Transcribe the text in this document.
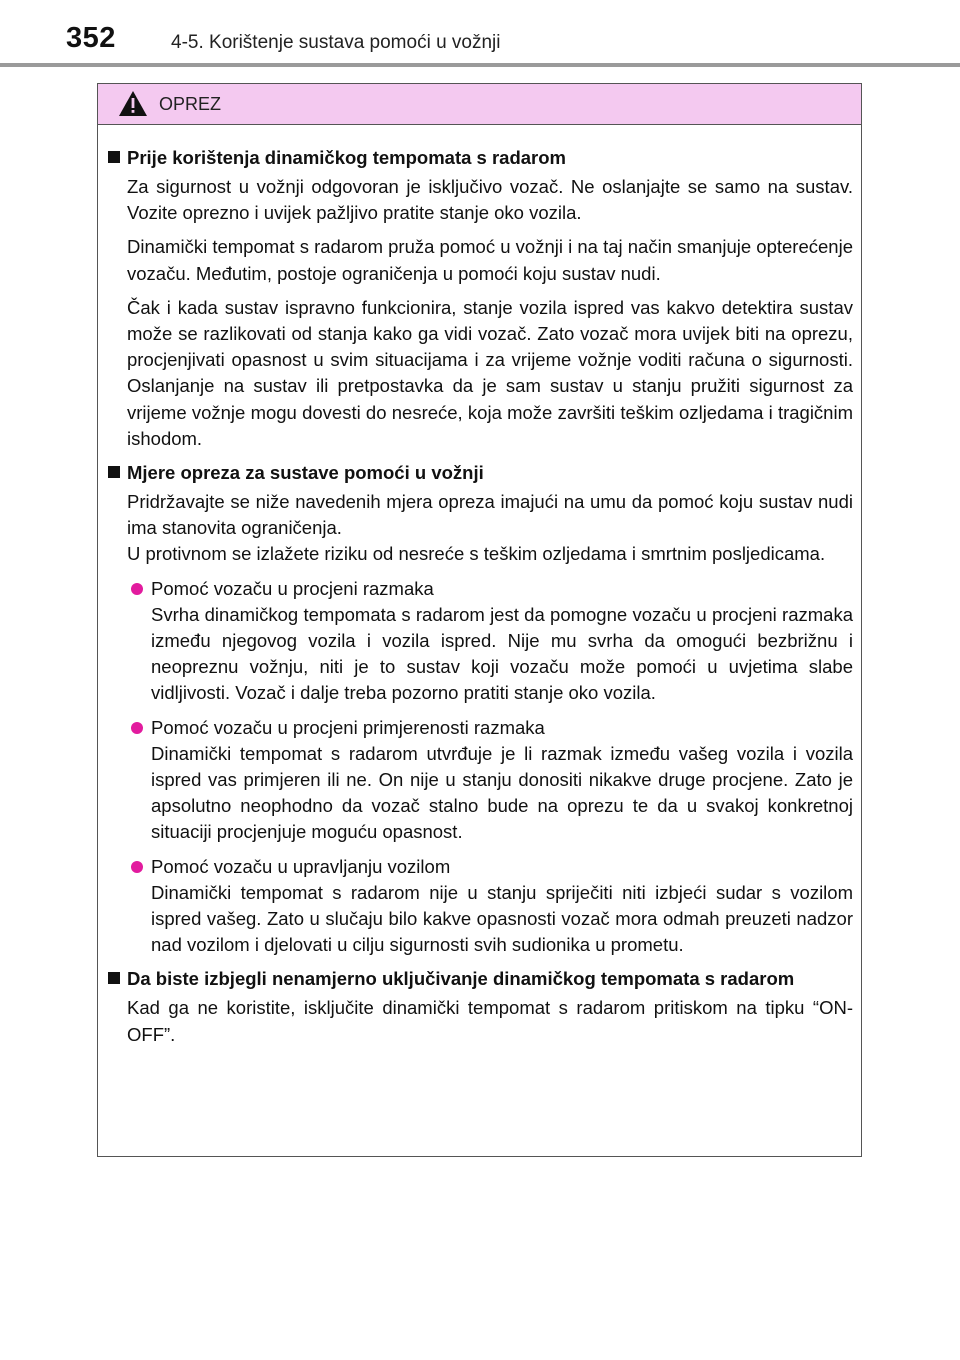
352	4-5. Korištenje sustava pomoći u vožnji
OPREZ
Prije korištenja dinamičkog tempomata s radarom

Za sigurnost u vožnji odgovoran je isključivo vozač. Ne oslanjajte se samo na sustav. Vozite oprezno i uvijek pažljivo pratite stanje oko vozila.

Dinamički tempomat s radarom pruža pomoć u vožnji i na taj način smanjuje opterećenje vozaču. Međutim, postoje ograničenja u pomoći koju sustav nudi.

Čak i kada sustav ispravno funkcionira, stanje vozila ispred vas kakvo detektira sustav može se razlikovati od stanja kako ga vidi vozač. Zato vozač mora uvijek biti na oprezu, procjenjivati opasnost u svim situacijama i za vrijeme vožnje voditi računa o sigurnosti. Oslanjanje na sustav ili pretpostavka da je sam sustav u stanju pružiti sigurnost za vrijeme vožnje mogu dovesti do nesreće, koja može završiti teškim ozljedama i tragičnim ishodom.

Mjere opreza za sustave pomoći u vožnji

Pridržavajte se niže navedenih mjera opreza imajući na umu da pomoć koju sustav nudi ima stanovita ograničenja.

U protivnom se izlažete riziku od nesreće s teškim ozljedama i smrtnim posljedicama.

Pomoć vozaču u procjeni razmaka
Svrha dinamičkog tempomata s radarom jest da pomogne vozaču u procjeni razmaka između njegovog vozila i vozila ispred. Nije mu svrha da omogući bezbrižnu i neopreznu vožnju, niti je to sustav koji vozaču može pomoći u uvjetima slabe vidljivosti. Vozač i dalje treba pozorno pratiti stanje oko vozila.
Pomoć vozaču u procjeni primjerenosti razmaka
Dinamički tempomat s radarom utvrđuje je li razmak između vašeg vozila i vozila ispred vas primjeren ili ne. On nije u stanju donositi nikakve druge procjene. Zato je apsolutno neophodno da vozač stalno bude na oprezu te da u svakoj konkretnoj situaciji procjenjuje moguću opasnost.
Pomoć vozaču u upravljanju vozilom
Dinamički tempomat s radarom nije u stanju spriječiti niti izbjeći sudar s vozilom ispred vašeg. Zato u slučaju bilo kakve opasnosti vozač mora odmah preuzeti nadzor nad vozilom i djelovati u cilju sigurnosti svih sudionika u prometu.
Da biste izbjegli nenamjerno uključivanje dinamičkog tempomata s radarom

Kad ga ne koristite, isključite dinamički tempomat s radarom pritiskom na tipku “ON-OFF”.
